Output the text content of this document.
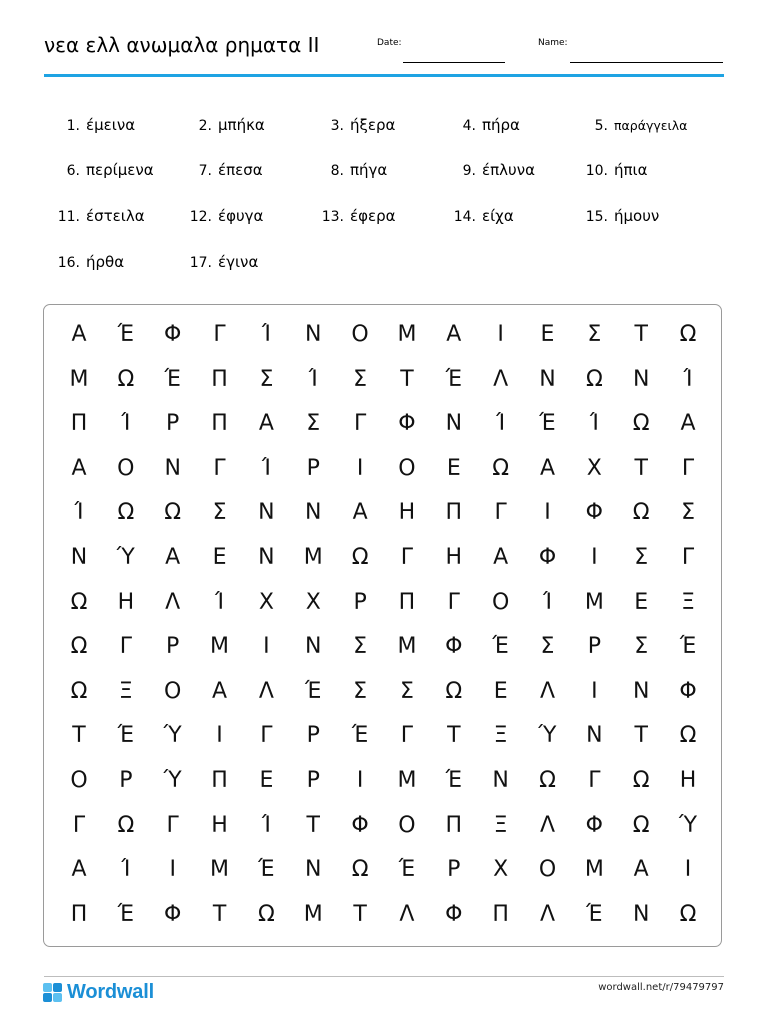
νεα ελλ ανωμαλα ρηματα ΙΙ	Date:	Name:
1. έμεινα	2. μπήκα	3. ήξερα	4. πήρα	5. παράγγειλα
6. περίμενα	7. έπεσα	8. πήγα	9. έπλυνα	10. ήπια
11. έστειλα	12. έφυγα	13. έφερα	14. είχα	15. ήμουν
16. ήρθα	17. έγινα
Α	Έ	Φ	Γ	Ί	Ν	Ο	Μ	Α	Ι	Ε	Σ	Τ	Ω
Μ	Ω	Έ	Π	Σ	Ί	Σ	Τ	Έ	Λ	Ν	Ω	Ν	Ί
Π	Ί	Ρ	Π	Α	Σ	Γ	Φ	Ν	Ί	Έ	Ί	Ω	Α
Α	Ο	Ν	Γ	Ί	Ρ	Ι	Ο	Ε	Ω	Α	Χ	Τ	Γ
Ί	Ω	Ω	Σ	Ν	Ν	Α	Η	Π	Γ	Ι	Φ	Ω	Σ
Ν	Ύ	Α	Ε	Ν	Μ	Ω	Γ	Η	Α	Φ	Ι	Σ	Γ
Ω	Η	Λ	Ί	Χ	Χ	Ρ	Π	Γ	Ο	Ί	Μ	Ε	Ξ
Ω	Γ	Ρ	Μ	Ι	Ν	Σ	Μ	Φ	Έ	Σ	Ρ	Σ	Έ
Ω	Ξ	Ο	Α	Λ	Έ	Σ	Σ	Ω	Ε	Λ	Ι	Ν	Φ
Τ	Έ	Ύ	Ι	Γ	Ρ	Έ	Γ	Τ	Ξ	Ύ	Ν	Τ	Ω
Ο	Ρ	Ύ	Π	Ε	Ρ	Ι	Μ	Έ	Ν	Ω	Γ	Ω	Η
Γ	Ω	Γ	Η	Ί	Τ	Φ	Ο	Π	Ξ	Λ	Φ	Ω	Ύ
Α	Ί	Ι	Μ	Έ	Ν	Ω	Έ	Ρ	Χ	Ο	Μ	Α	Ι
Π	Έ	Φ	Τ	Ω	Μ	Τ	Λ	Φ	Π	Λ	Έ	Ν	Ω
Wordwall	wordwall.net/r/79479797
